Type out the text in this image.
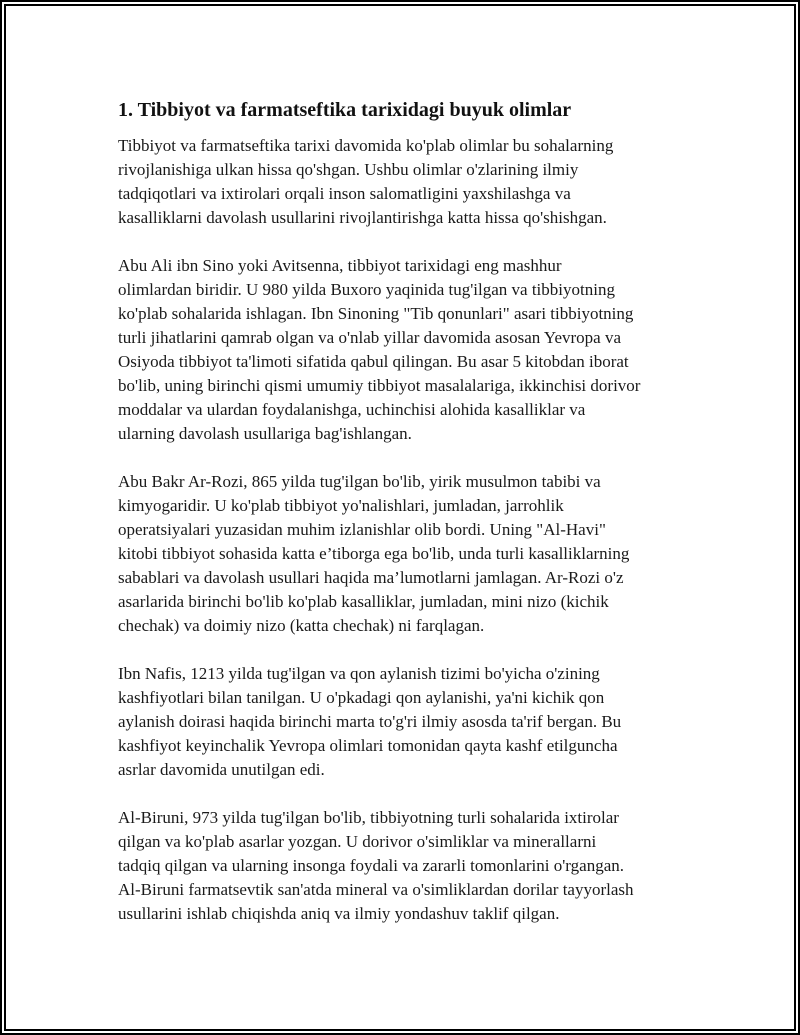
1. Tibbiyot va farmatseftika tarixidagi buyuk olimlar

Tibbiyot va farmatseftika tarixi davomida ko'plab olimlar bu sohalarning
rivojlanishiga ulkan hissa qo'shgan. Ushbu olimlar o'zlarining ilmiy
tadqiqotlari va ixtirolari orqali inson salomatligini yaxshilashga va
kasalliklarni davolash usullarini rivojlantirishga katta hissa qo'shishgan.

Abu Ali ibn Sino yoki Avitsenna, tibbiyot tarixidagi eng mashhur
olimlardan biridir. U 980 yilda Buxoro yaqinida tug'ilgan va tibbiyotning
ko'plab sohalarida ishlagan. Ibn Sinoning "Tib qonunlari" asari tibbiyotning
turli jihatlarini qamrab olgan va o'nlab yillar davomida asosan Yevropa va
Osiyoda tibbiyot ta'limoti sifatida qabul qilingan. Bu asar 5 kitobdan iborat
bo'lib, uning birinchi qismi umumiy tibbiyot masalalariga, ikkinchisi dorivor
moddalar va ulardan foydalanishga, uchinchisi alohida kasalliklar va
ularning davolash usullariga bag'ishlangan.

Abu Bakr Ar-Rozi, 865 yilda tug'ilgan bo'lib, yirik musulmon tabibi va
kimyogaridir. U ko'plab tibbiyot yo'nalishlari, jumladan, jarrohlik
operatsiyalari yuzasidan muhim izlanishlar olib bordi. Uning "Al-Havi"
kitobi tibbiyot sohasida katta e’tiborga ega bo'lib, unda turli kasalliklarning
sabablari va davolash usullari haqida ma’lumotlarni jamlagan. Ar-Rozi o'z
asarlarida birinchi bo'lib ko'plab kasalliklar, jumladan, mini nizo (kichik
chechak) va doimiy nizo (katta chechak) ni farqlagan.

Ibn Nafis, 1213 yilda tug'ilgan va qon aylanish tizimi bo'yicha o'zining
kashfiyotlari bilan tanilgan. U o'pkadagi qon aylanishi, ya'ni kichik qon
aylanish doirasi haqida birinchi marta to'g'ri ilmiy asosda ta'rif bergan. Bu
kashfiyot keyinchalik Yevropa olimlari tomonidan qayta kashf etilguncha
asrlar davomida unutilgan edi.

Al-Biruni, 973 yilda tug'ilgan bo'lib, tibbiyotning turli sohalarida ixtirolar
qilgan va ko'plab asarlar yozgan. U dorivor o'simliklar va minerallarni
tadqiq qilgan va ularning insonga foydali va zararli tomonlarini o'rgangan.
Al-Biruni farmatsevtik san'atda mineral va o'simliklardan dorilar tayyorlash
usullarini ishlab chiqishda aniq va ilmiy yondashuv taklif qilgan.
